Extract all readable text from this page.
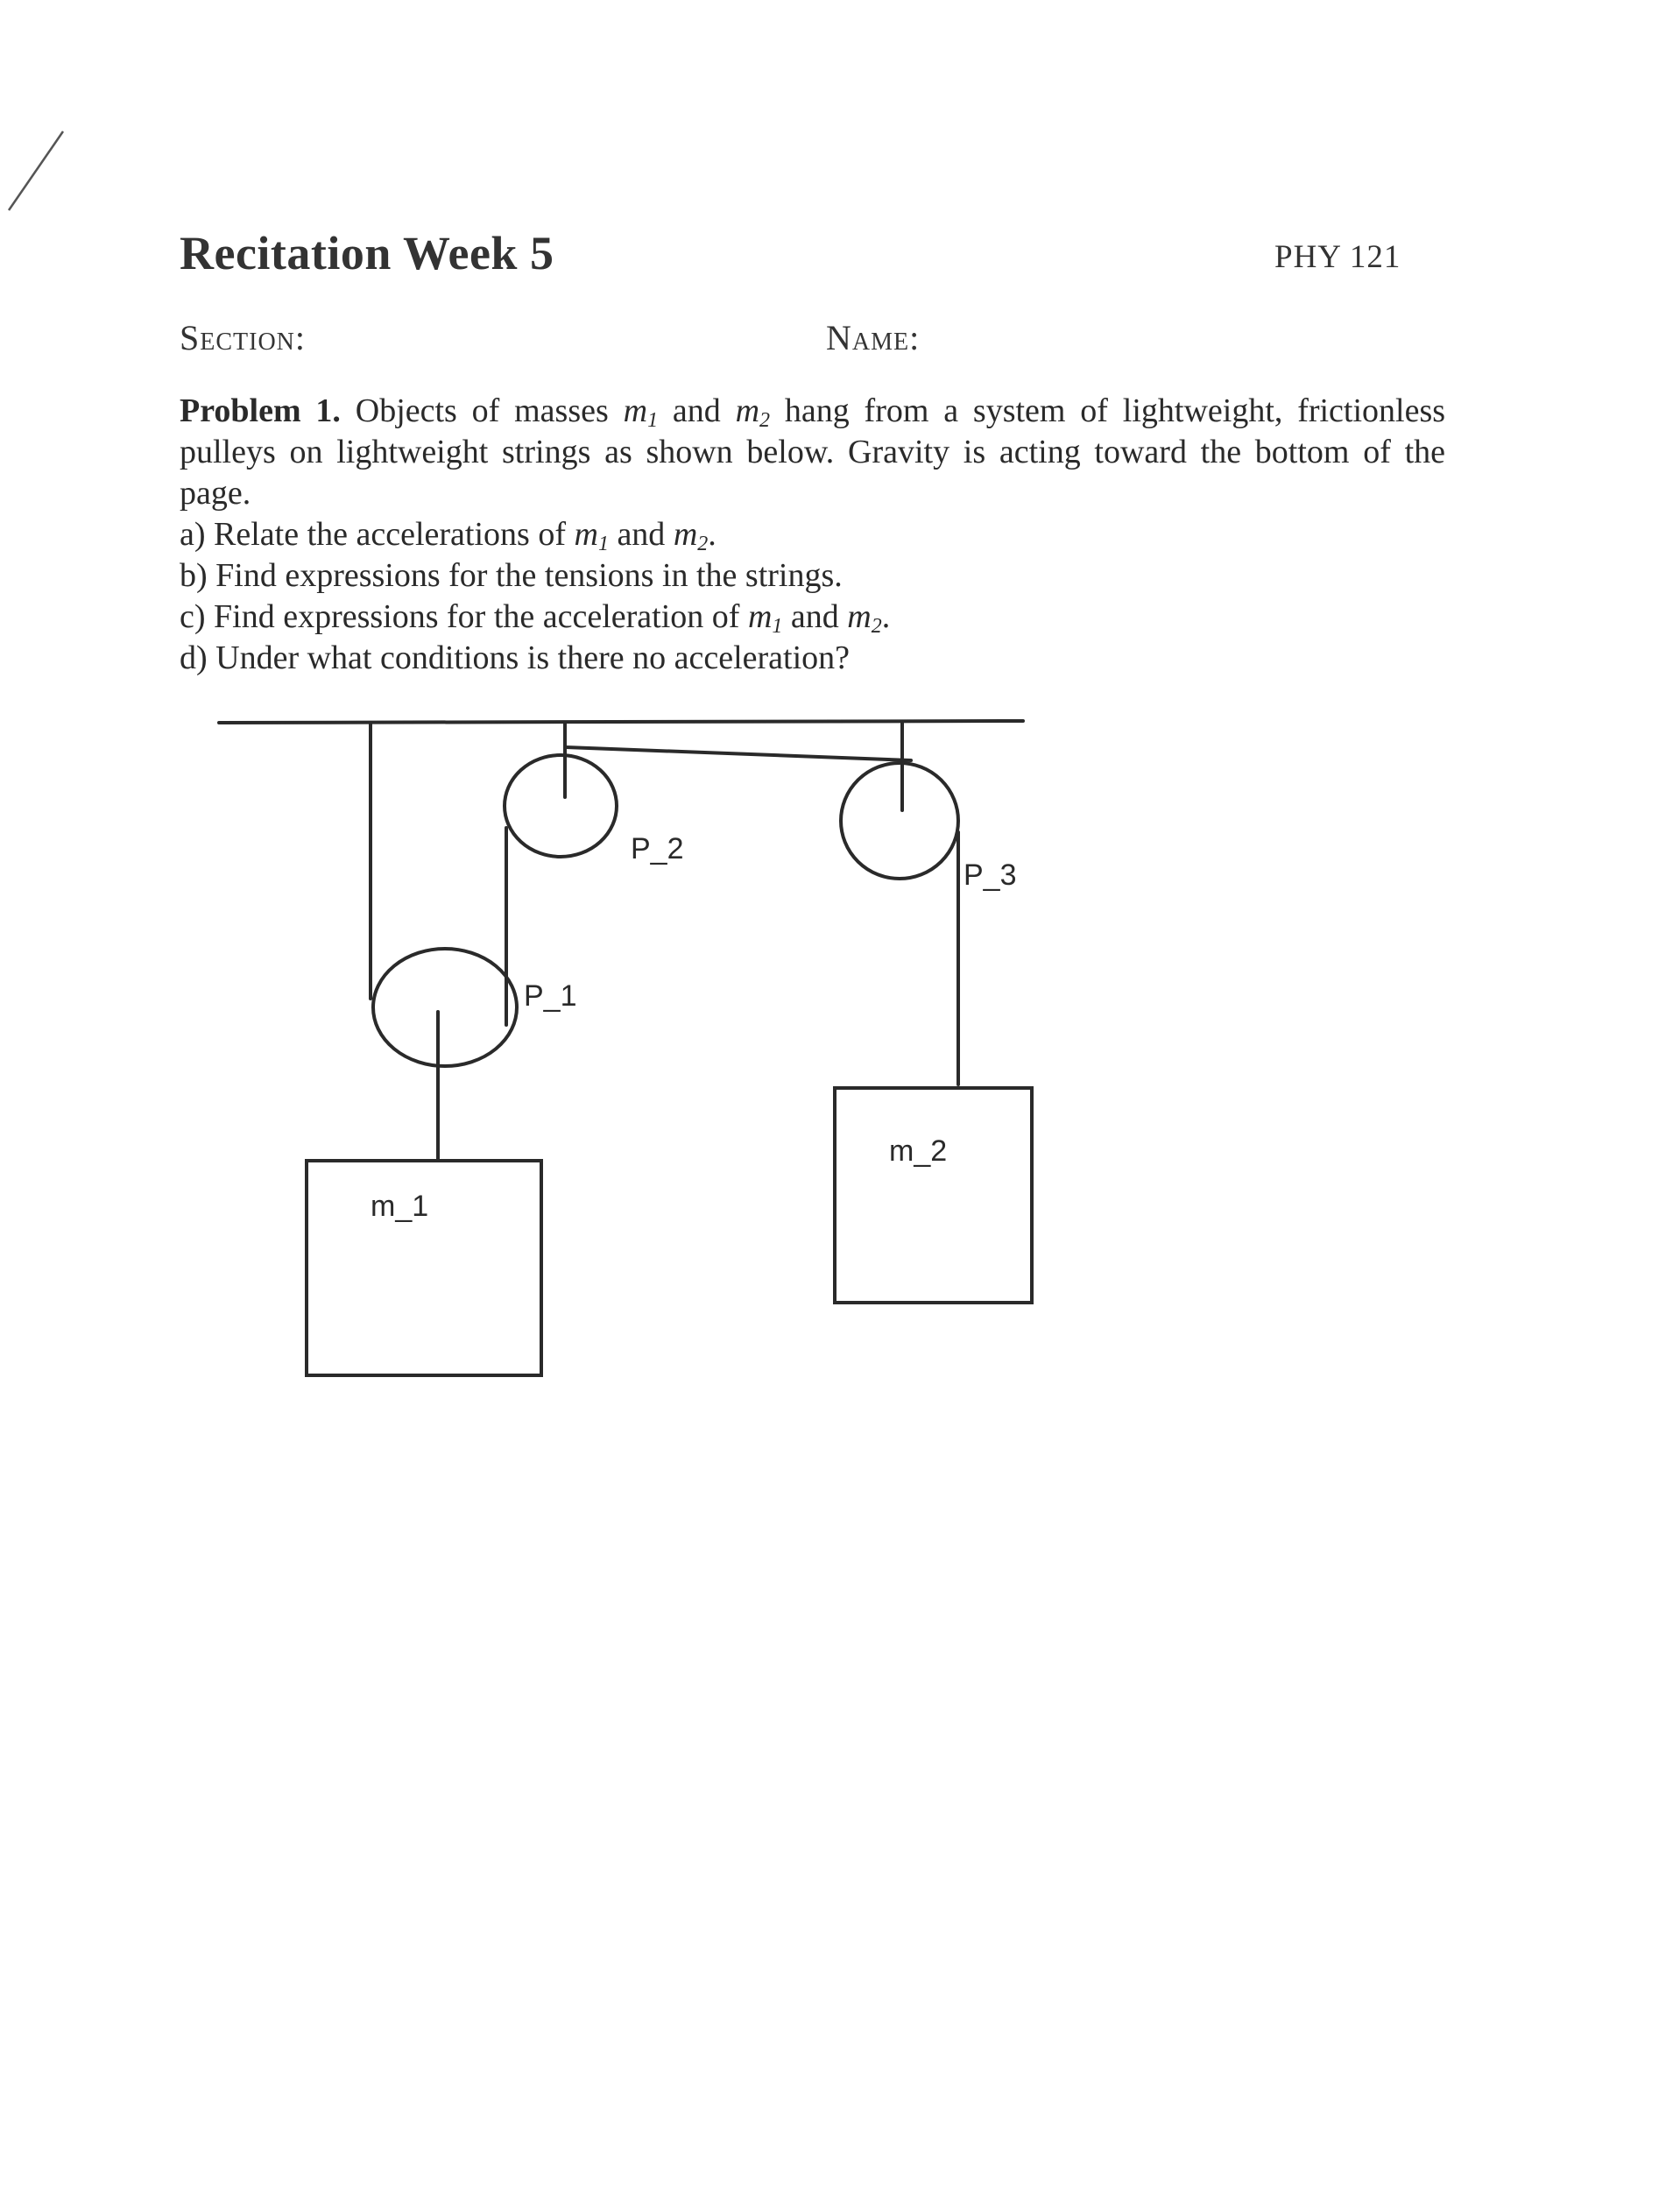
Recitation Week 5	PHY 121
Section:	Name:
Problem 1. Objects of masses $m_1$ and $m_2$ hang from a system of lightweight, frictionless pulleys on lightweight strings as shown below. Gravity is acting toward the bottom of the page.
a) Relate the accelerations of $m_1$ and $m_2$.
b) Find expressions for the tensions in the strings.
c) Find expressions for the acceleration of $m_1$ and $m_2$.
d) Under what conditions is there no acceleration?
P_1
P_2
P_3
m_1
m_2
